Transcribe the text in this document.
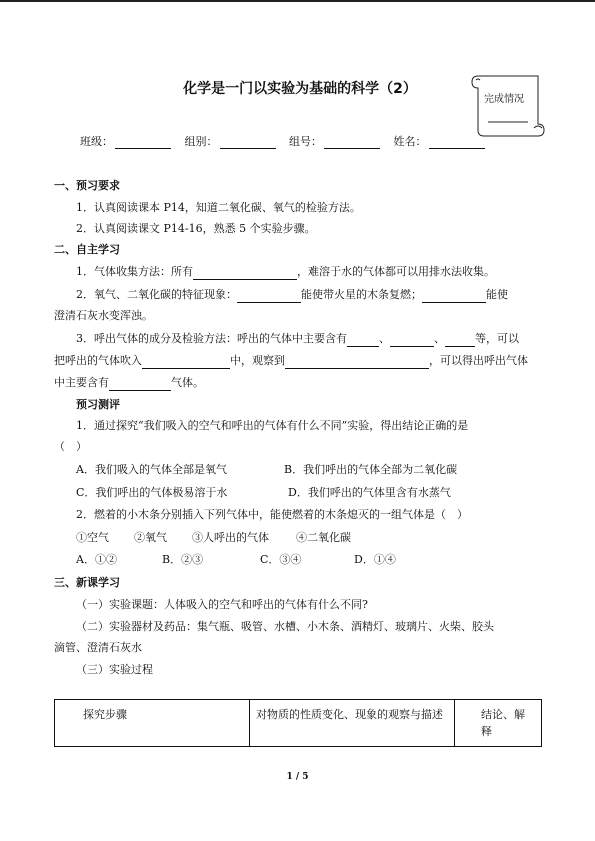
化学是一门以实验为基础的科学（2）
完成情况
班级：	组别：	组号：	姓名：
一、预习要求
1．认真阅读课本 P14，知道二氧化碳、氧气的检验方法。
2．认真阅读课文 P14-16，熟悉 5 个实验步骤。
二、自主学习
1．气体收集方法：所有	，难溶于水的气体都可以用排水法收集。
2．氧气、二氧化碳的特征现象：	能使带火星的木条复燃；	能使
澄清石灰水变浑浊。
3．呼出气体的成分及检验方法：呼出的气体中主要含有	、	、	等，可以
把呼出的气体吹入	中，观察到	，可以得出呼出气体
中主要含有	气体。
预习测评
1．通过探究“我们吸入的空气和呼出的气体有什么不同”实验，得出结论正确的是
（　）
A．我们吸入的气体全部是氧气	B．我们呼出的气体全部为二氧化碳
C．我们呼出的气体极易溶于水	D．我们呼出的气体里含有水蒸气
2．燃着的小木条分别插入下列气体中，能使燃着的木条熄灭的一组气体是（　）
①空气 ②氧气 ③人呼出的气体 ④二氧化碳
A．①②	B．②③	C．③④	D．①④
三、新课学习
（一）实验课题：人体吸入的空气和呼出的气体有什么不同?
（二）实验器材及药品：集气瓶、吸管、水槽、小木条、酒精灯、玻璃片、火柴、胶头
滴管、澄清石灰水
（三）实验过程
探究步骤	对物质的性质变化、现象的观察与描述	结论、解释
1 / 5
